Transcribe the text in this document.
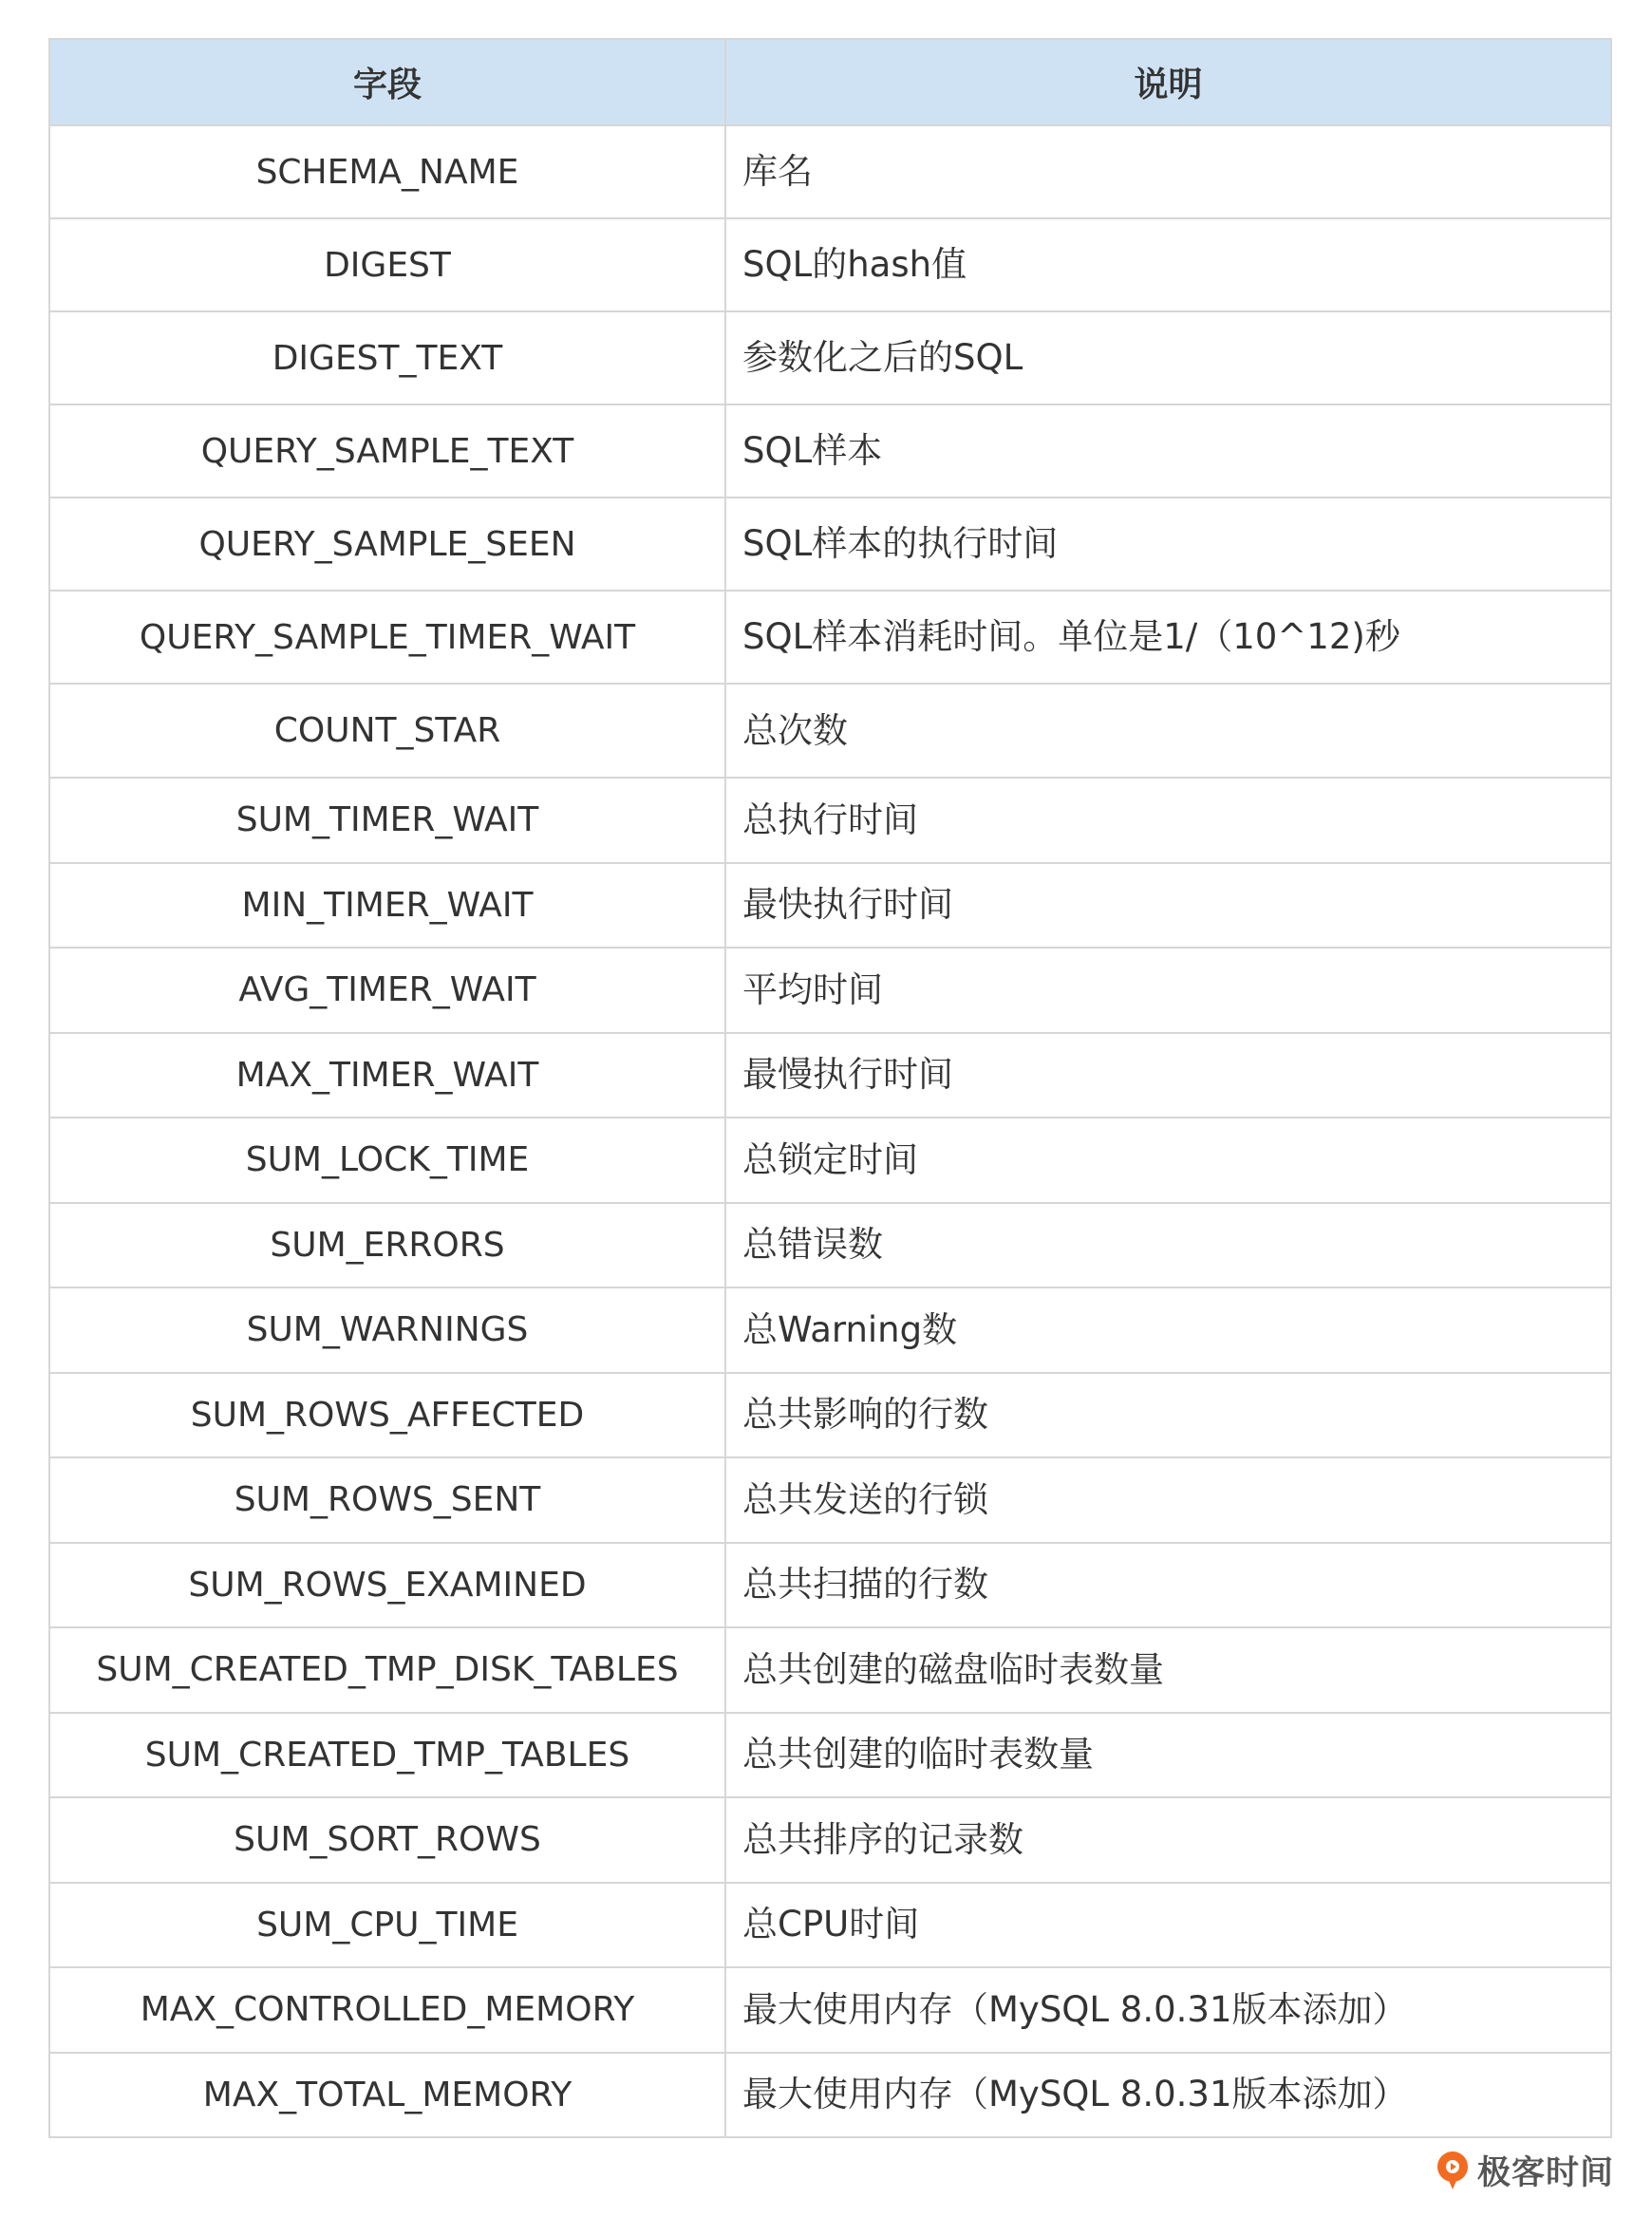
字段	说明
SCHEMA_NAME	库名
DIGEST	SQL的hash值
DIGEST_TEXT	参数化之后的SQL
QUERY_SAMPLE_TEXT	SQL样本
QUERY_SAMPLE_SEEN	SQL样本的执行时间
QUERY_SAMPLE_TIMER_WAIT	SQL样本消耗时间。单位是1/（10^12)秒
COUNT_STAR	总次数
SUM_TIMER_WAIT	总执行时间
MIN_TIMER_WAIT	最快执行时间
AVG_TIMER_WAIT	平均时间
MAX_TIMER_WAIT	最慢执行时间
SUM_LOCK_TIME	总锁定时间
SUM_ERRORS	总错误数
SUM_WARNINGS	总Warning数
SUM_ROWS_AFFECTED	总共影响的行数
SUM_ROWS_SENT	总共发送的行锁
SUM_ROWS_EXAMINED	总共扫描的行数
SUM_CREATED_TMP_DISK_TABLES	总共创建的磁盘临时表数量
SUM_CREATED_TMP_TABLES	总共创建的临时表数量
SUM_SORT_ROWS	总共排序的记录数
SUM_CPU_TIME	总CPU时间
MAX_CONTROLLED_MEMORY	最大使用内存（MySQL 8.0.31版本添加）
MAX_TOTAL_MEMORY	最大使用内存（MySQL 8.0.31版本添加）
极客时间
